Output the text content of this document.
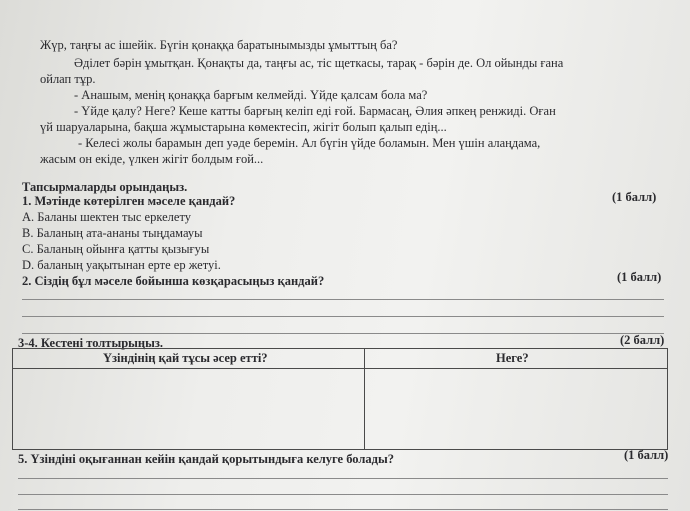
Жүр, таңғы ас ішейік. Бүгін қонаққа баратынымызды ұмыттың ба?
Әділет бәрін ұмытқан. Қонақты да, таңғы ас, тіс щеткасы, тарақ - бәрін де. Ол ойынды ғана
ойлап тұр.
- Анашым, менің қонаққа барғым келмейді. Үйде қалсам бола ма?
- Үйде қалу? Неге? Кеше катты барғың келіп еді ғой. Бармасаң, Әлия әпкең ренжиді. Оған
үй шаруаларына, бақша жұмыстарына көмектесіп, жігіт болып қалып едің...
- Келесі жолы барамын деп уәде беремін. Ал бүгін үйде боламын. Мен үшін алаңдама,
жасым он екіде, үлкен жігіт болдым ғой...
Тапсырмаларды орындаңыз.
1. Мәтінде көтерілген мәселе қандай?	(1 балл)
A. Баланы шектен тыс еркелету
B. Баланың ата-ананы тыңдамауы
C. Баланың ойынға қатты қызығуы
D. баланың уақытынан ерте ер жетуі.
2. Сіздің бұл мәселе бойынша көзқарасыңыз қандай?	(1 балл)
3-4. Кестені толтырыңыз.	(2 балл)
Үзіндінің қай тұсы әсер етті?	Неге?
5. Үзіндіні оқығаннан кейін қандай қорытындыға келуге болады?	(1 балл)
